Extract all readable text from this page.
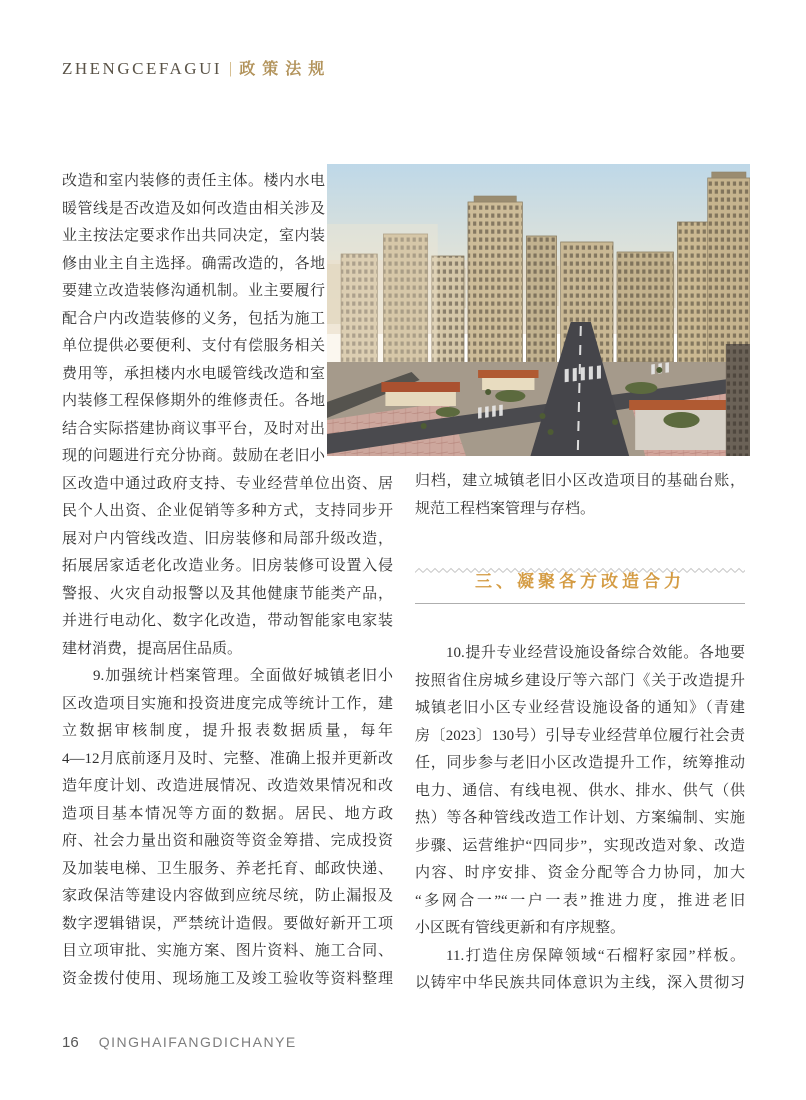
ZHENGCEFAGUI | 政策法规
改造和室内装修的责任主体。楼内水电
暖管线是否改造及如何改造由相关涉及
业主按法定要求作出共同决定，室内装
修由业主自主选择。确需改造的，各地
要建立改造装修沟通机制。业主要履行
配合户内改造装修的义务，包括为施工
单位提供必要便利、支付有偿服务相关
费用等，承担楼内水电暖管线改造和室
内装修工程保修期外的维修责任。各地
结合实际搭建协商议事平台，及时对出
现的问题进行充分协商。鼓励在老旧小
区改造中通过政府支持、专业经营单位出资、居
民个人出资、企业促销等多种方式，支持同步开
展对户内管线改造、旧房装修和局部升级改造，
拓展居家适老化改造业务。旧房装修可设置入侵
警报、火灾自动报警以及其他健康节能类产品，
并进行电动化、数字化改造，带动智能家电家装
建材消费，提高居住品质。
9.加强统计档案管理。全面做好城镇老旧小
区改造项目实施和投资进度完成等统计工作，建
立数据审核制度，提升报表数据质量，每年
4—12月底前逐月及时、完整、准确上报并更新改
造年度计划、改造进展情况、改造效果情况和改
造项目基本情况等方面的数据。居民、地方政
府、社会力量出资和融资等资金筹措、完成投资
及加装电梯、卫生服务、养老托育、邮政快递、
家政保洁等建设内容做到应统尽统，防止漏报及
数字逻辑错误，严禁统计造假。要做好新开工项
目立项审批、实施方案、图片资料、施工合同、
资金拨付使用、现场施工及竣工验收等资料整理
归档，建立城镇老旧小区改造项目的基础台账，
规范工程档案管理与存档。
三、凝聚各方改造合力
10.提升专业经营设施设备综合效能。各地要
按照省住房城乡建设厅等六部门《关于改造提升
城镇老旧小区专业经营设施设备的通知》（青建
房〔2023〕130号）引导专业经营单位履行社会责
任，同步参与老旧小区改造提升工作，统筹推动
电力、通信、有线电视、供水、排水、供气（供
热）等各种管线改造工作计划、方案编制、实施
步骤、运营维护“四同步”，实现改造对象、改造
内容、时序安排、资金分配等合力协同，加大
“多网合一”“一户一表”推进力度，推进老旧
小区既有管线更新和有序规整。
11.打造住房保障领域“石榴籽家园”样板。
以铸牢中华民族共同体意识为主线，深入贯彻习
16 QINGHAIFANGDICHANYE
